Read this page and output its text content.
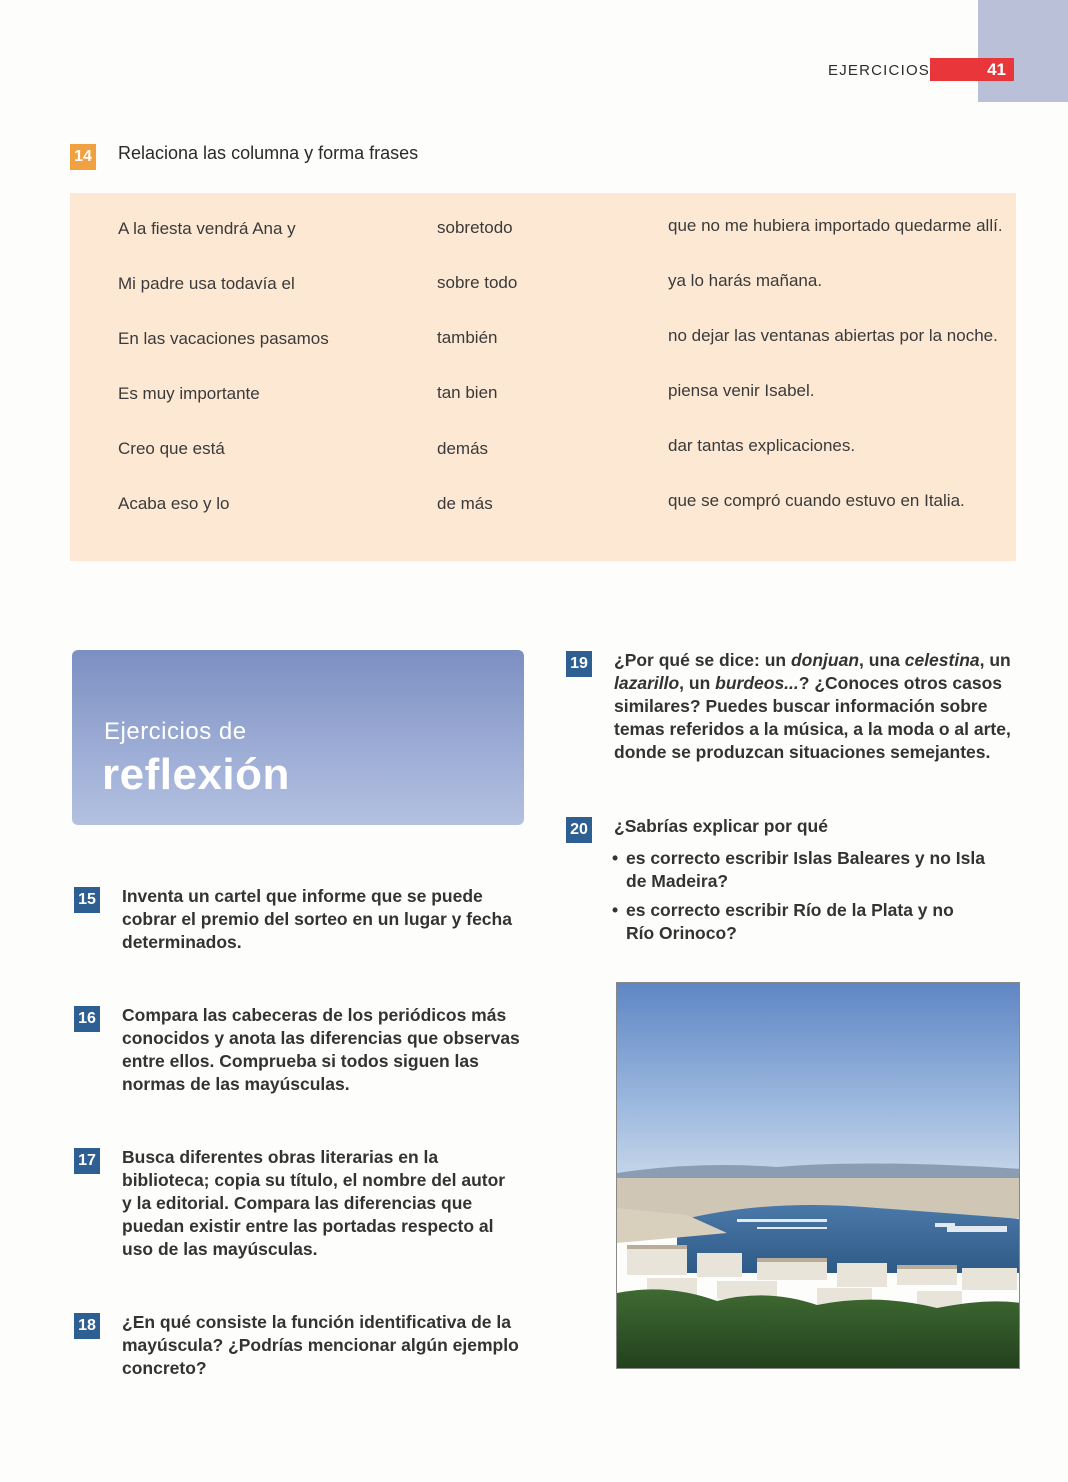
EJERCICIOS	41
14 Relaciona las columna y forma frases
A la fiesta vendrá Ana y
Mi padre usa todavía el
En las vacaciones pasamos
Es muy importante
Creo que está
Acaba eso y lo
sobretodo
sobre todo
también
tan bien
demás
de más
que no me hubiera importado quedarme allí.
ya lo harás mañana.
no dejar las ventanas abiertas por la noche.
piensa venir Isabel.
dar tantas explicaciones.
que se compró cuando estuvo en Italia.
Ejercicios de
reflexión
15 Inventa un cartel que informe que se puede
cobrar el premio del sorteo en un lugar y fecha
determinados.
16 Compara las cabeceras de los periódicos más
conocidos y anota las diferencias que observas
entre ellos. Comprueba si todos siguen las
normas de las mayúsculas.
17 Busca diferentes obras literarias en la
biblioteca; copia su título, el nombre del autor
y la editorial. Compara las diferencias que
puedan existir entre las portadas respecto al
uso de las mayúsculas.
18 ¿En qué consiste la función identificativa de la
mayúscula? ¿Podrías mencionar algún ejemplo
concreto?
19 ¿Por qué se dice: un donjuan, una celestina, un
lazarillo, un burdeos...? ¿Conoces otros casos
similares? Puedes buscar información sobre
temas referidos a la música, a la moda o al arte,
donde se produzcan situaciones semejantes.
20 ¿Sabrías explicar por qué
• es correcto escribir Islas Baleares y no Isla
de Madeira?
• es correcto escribir Río de la Plata y no
Río Orinoco?
